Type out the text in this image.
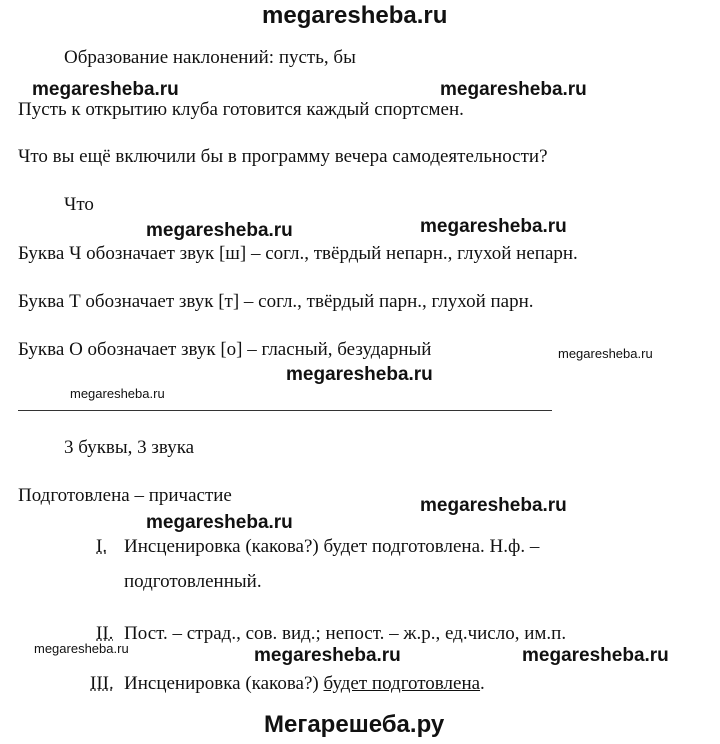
megaresheba.ru
Образование наклонений: пусть, бы
megaresheba.ru	megaresheba.ru
Пусть к открытию клуба готовится каждый спортсмен.
Что вы ещё включили бы в программу вечера самодеятельности?
Что
megaresheba.ru	megaresheba.ru
Буква Ч обозначает звук [ш] – согл., твёрдый непарн., глухой непарн.
Буква Т обозначает звук [т] – согл., твёрдый парн., глухой парн.
Буква О обозначает звук [о] – гласный, безударный	megaresheba.ru
megaresheba.ru
megaresheba.ru
3 буквы, 3 звука
Подготовлена – причастие	megaresheba.ru
megaresheba.ru
I. Инсценировка (какова?) будет подготовлена. Н.ф. –
подготовленный.
II. Пост. – страд., сов. вид.; непост. – ж.р., ед.число, им.п.
megaresheba.ru	megaresheba.ru	megaresheba.ru
III. Инсценировка (какова?) будет подготовлена.
Мегарешеба.ру
